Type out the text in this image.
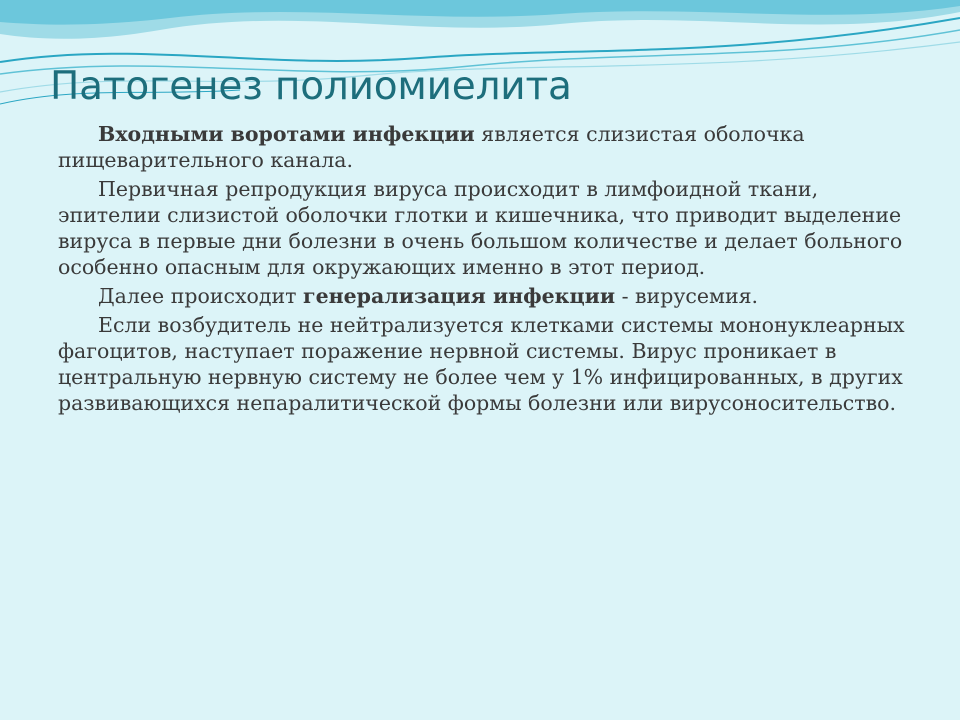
Патогенез полиомиелита

Входными воротами инфекции является слизистая оболочка пищеварительного канала.

Первичная репродукция вируса происходит в лимфоидной ткани, эпителии слизистой оболочки глотки и кишечника, что приводит выделение вируса в первые дни болезни в очень большом количестве и делает больного особенно опасным для окружающих именно в этот период.

Далее происходит генерализация инфекции - вирусемия.

Если возбудитель не нейтрализуется клетками системы мононуклеарных фагоцитов, наступает поражение нервной системы. Вирус проникает в центральную нервную систему не более чем у 1% инфицированных, в других развивающихся непаралитической формы болезни или вирусоносительство.
